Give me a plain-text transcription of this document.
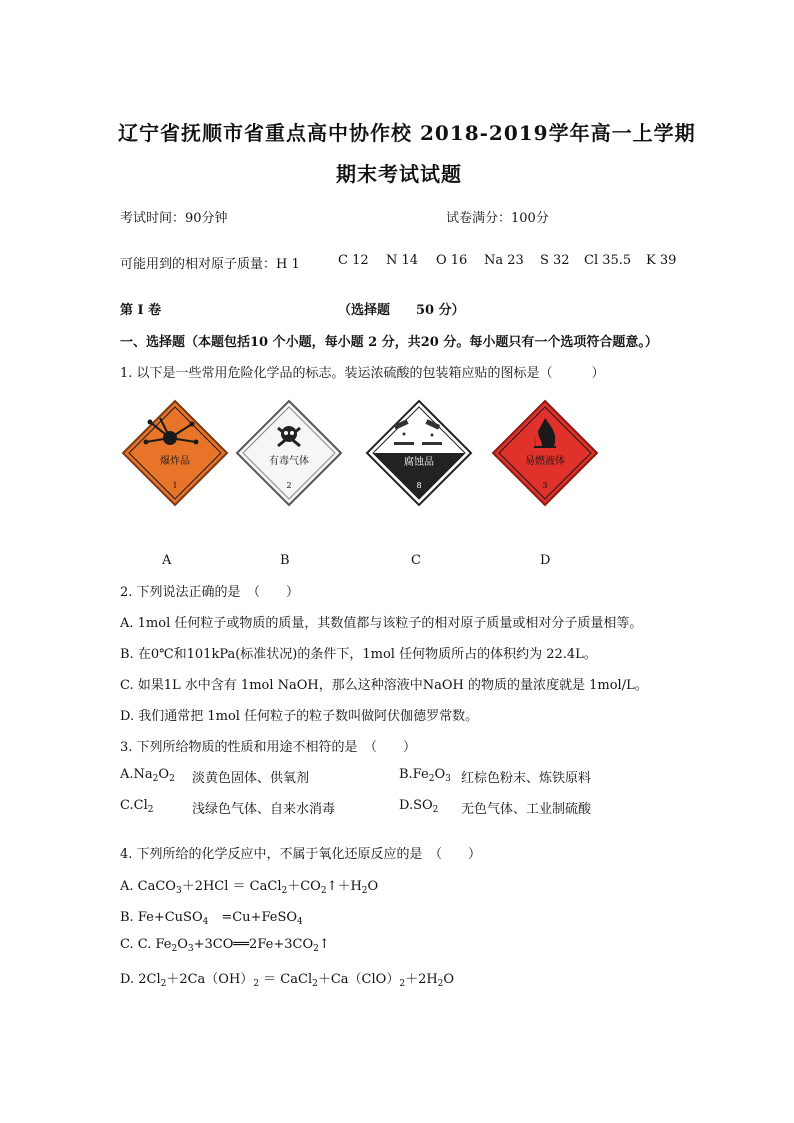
辽宁省抚顺市省重点高中协作校 2018-2019学年高一上学期
期末考试试题
考试时间：90分钟	试卷满分：100分
可能用到的相对原子质量：H 1	C 12 N 14 O 16 Na 23 S 32 Cl 35.5 K 39
第 I 卷	（选择题　　50 分）
一、选择题（本题包括10 个小题，每小题 2 分，共20 分。每小题只有一个选项符合题意。）
1. 以下是一些常用危险化学品的标志。装运浓硫酸的包装箱应贴的图标是（　　　）
爆炸品
1
有毒气体
2
腐蚀品
8
易燃液体
3
A	B	C	D
2. 下列说法正确的是　（　　）
A. 1mol 任何粒子或物质的质量，其数值都与该粒子的相对原子质量或相对分子质量相等。
B. 在0℃和101kPa(标准状况)的条件下，1mol 任何物质所占的体积约为 22.4L。
C. 如果1L 水中含有 1mol NaOH，那么这种溶液中NaOH 的物质的量浓度就是 1mol/L。
D. 我们通常把 1mol 任何粒子的粒子数叫做阿伏伽德罗常数。
3. 下列所给物质的性质和用途不相符的是　（　　）
$A.Na_2O_2$ 淡黄色固体、供氧剂	$B.Fe_2O_3$ 红棕色粉末、炼铁原料
$C.Cl_2$	浅绿色气体、自来水消毒	$D.SO_2$ 无色气体、工业制硫酸
4. 下列所给的化学反应中，不属于氧化还原反应的是　（　　）
A. CaCO$_3$＋2HCl ＝ $CaCl_2+CO_2↑+H_2O$
B. Fe+CuSO$_4$　=Cu+FeSO$_4$
C. C. $Fe_2O_3+3CO══2Fe+3CO_2↑$
D. $2Cl_2+2Ca(OH)_2$ ＝ $CaCl_2+Ca(ClO)_2+2H_2O$
